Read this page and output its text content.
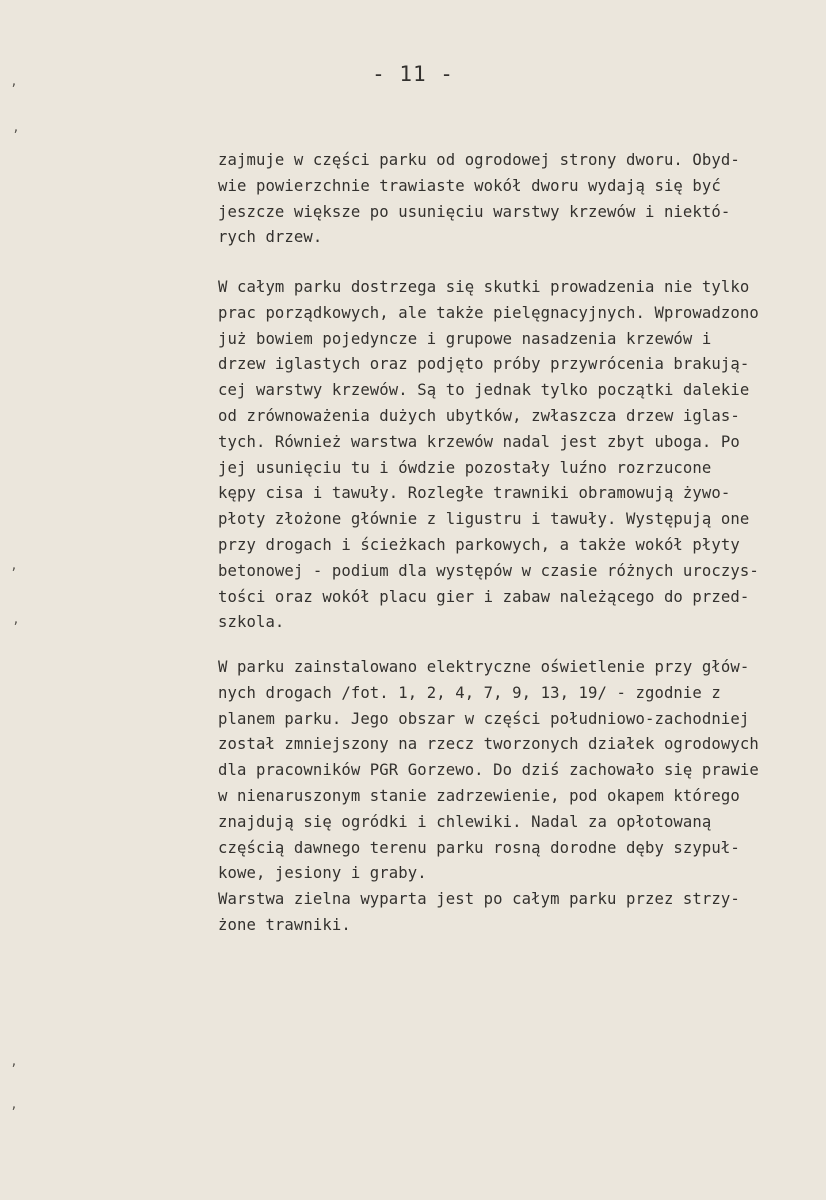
- 11 -
zajmuje w części parku od ogrodowej strony dworu. Obyd-
wie powierzchnie trawiaste wokół dworu wydają się być
jeszcze większe po usunięciu warstwy krzewów i niektó-
rych drzew.
W całym parku dostrzega się skutki prowadzenia nie tylko
prac porządkowych, ale także pielęgnacyjnych. Wprowadzono
już bowiem pojedyncze i grupowe nasadzenia krzewów i
drzew iglastych oraz podjęto próby przywrócenia brakują-
cej warstwy krzewów. Są to jednak tylko początki dalekie
od zrównoważenia dużych ubytków, zwłaszcza drzew iglas-
tych. Również warstwa krzewów nadal jest zbyt uboga. Po
jej usunięciu tu i ówdzie pozostały luźno rozrzucone
kępy cisa i tawuły. Rozległe trawniki obramowują żywo-
płoty złożone głównie z ligustru i tawuły. Występują one
przy drogach i ścieżkach parkowych, a także wokół płyty
betonowej - podium dla występów w czasie różnych uroczys-
tości oraz wokół placu gier i zabaw należącego do przed-
szkola.
W parku zainstalowano elektryczne oświetlenie przy głów-
nych drogach /fot. 1, 2, 4, 7, 9, 13, 19/ - zgodnie z
planem parku. Jego obszar w części południowo-zachodniej
został zmniejszony na rzecz tworzonych działek ogrodowych
dla pracowników PGR Gorzewo. Do dziś zachowało się prawie
w nienaruszonym stanie zadrzewienie, pod okapem którego
znajdują się ogródki i chlewiki. Nadal za opłotowaną
częścią dawnego terenu parku rosną dorodne dęby szypuł-
kowe, jesiony i graby.
Warstwa zielna wyparta jest po całym parku przez strzy-
żone trawniki.
ʼ
ʼ
ʼ
ʼ
ʼ
ʼ
